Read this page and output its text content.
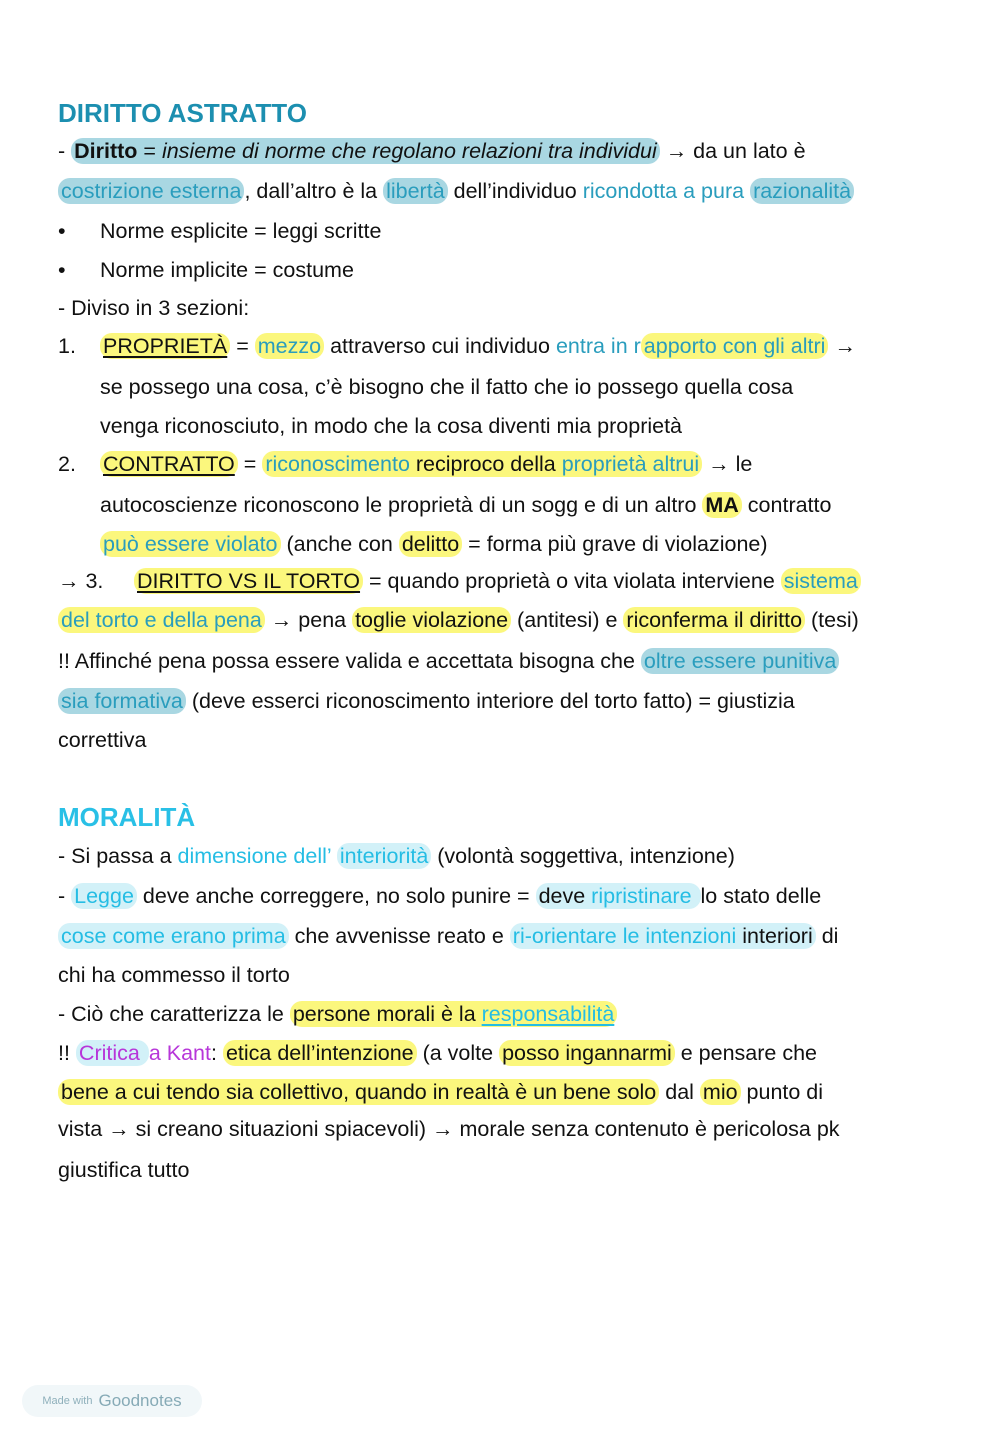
DIRITTO ASTRATTO
- Diritto = insieme di norme che regolano relazioni tra individui → da un lato è
costrizione esterna , dall’altro è la libertà dell’individuo ricondotta a pura razionalità
• Norme esplicite = leggi scritte
• Norme implicite = costume
- Diviso in 3 sezioni:
1. PROPRIETÀ = mezzo attraverso cui individuo entra in r apporto con gli altri →
se possego una cosa, c’è bisogno che il fatto che io possego quella cosa
venga riconosciuto, in modo che la cosa diventi mia proprietà
2. CONTRATTO = riconoscimento reciproco della proprietà altrui → le
autocoscienze riconoscono le proprietà di un sogg e di un altro MA contratto
può essere violato (anche con delitto = forma più grave di violazione)
→ 3. DIRITTO VS IL TORTO = quando proprietà o vita violata interviene sistema
del torto e della pena → pena toglie violazione (antitesi) e riconferma il diritto (tesi)
!! Affinché pena possa essere valida e accettata bisogna che oltre essere punitiva
sia formativa (deve esserci riconoscimento interiore del torto fatto) = giustizia
correttiva
MORALITÀ
- Si passa a dimensione dell’ interiorità (volontà soggettiva, intenzione)
- Legge deve anche correggere, no solo punire = deve ripristinare lo stato delle
cose come erano prima che avvenisse reato e ri-orientare le intenzioni interiori di
chi ha commesso il torto
- Ciò che caratterizza le persone morali è la responsabilità
!! Critica a Kant: etica dell’intenzione (a volte posso ingannarmi e pensare che
bene a cui tendo sia collettivo, quando in realtà è un bene solo dal mio punto di
vista → si creano situazioni spiacevoli) → morale senza contenuto è pericolosa pk
giustifica tutto
Made with Goodnotes
